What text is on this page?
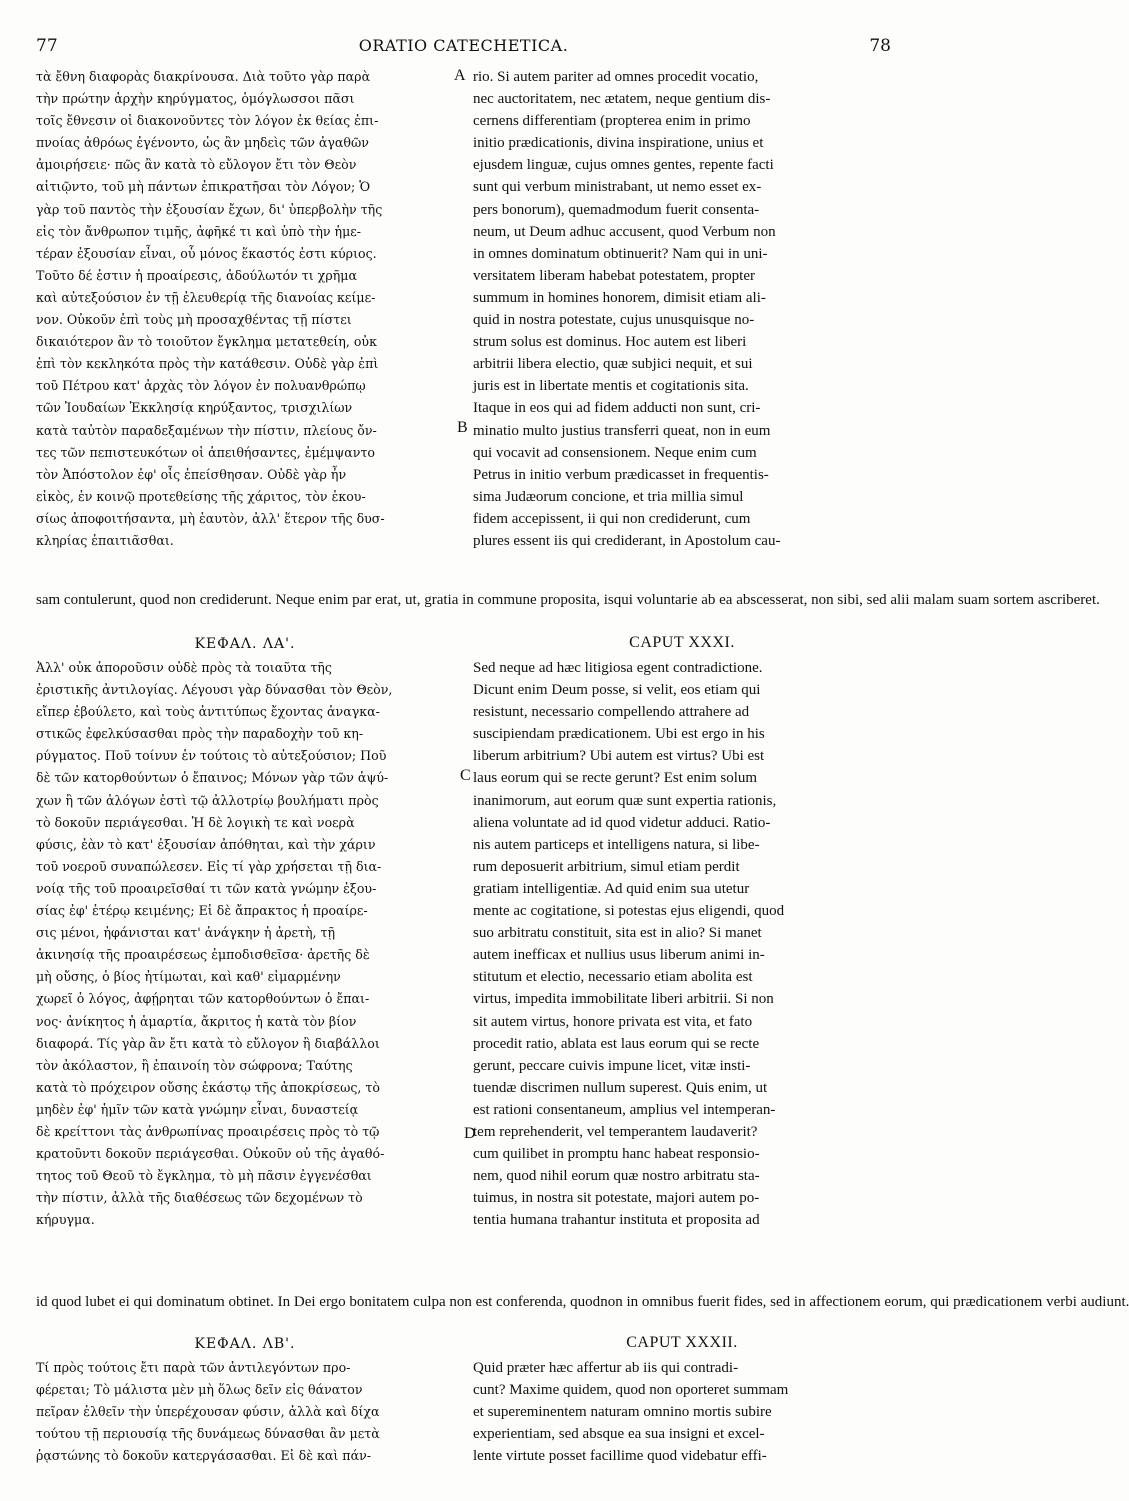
77	ORATIO CATECHETICA.	78
τὰ ἔθνη διαφορὰς διακρίνουσα. Διὰ τοῦτο γὰρ παρὰ
τὴν πρώτην ἀρχὴν κηρύγματος, ὁμόγλωσσοι πᾶσι
τοῖς ἔθνεσιν οἱ διακονοῦντες τὸν λόγον ἐκ θείας ἐπι-
πνοίας ἀθρόως ἐγένοντο, ὡς ἂν μηδεὶς τῶν ἀγαθῶν
ἀμοιρήσειε· πῶς ἂν κατὰ τὸ εὔλογον ἔτι τὸν Θεὸν
αἰτιῷντο, τοῦ μὴ πάντων ἐπικρατῆσαι τὸν Λόγον; Ὁ
γὰρ τοῦ παντὸς τὴν ἐξουσίαν ἔχων, δι' ὑπερβολὴν τῆς
εἰς τὸν ἄνθρωπον τιμῆς, ἀφῆκέ τι καὶ ὑπὸ τὴν ἡμε-
τέραν ἐξουσίαν εἶναι, οὗ μόνος ἕκαστός ἐστι κύριος.
Τοῦτο δέ ἐστιν ἡ προαίρεσις, ἀδούλωτόν τι χρῆμα
καὶ αὐτεξούσιον ἐν τῇ ἐλευθερίᾳ τῆς διανοίας κείμε-
νον. Οὐκοῦν ἐπὶ τοὺς μὴ προσαχθέντας τῇ πίστει
δικαιότερον ἂν τὸ τοιοῦτον ἔγκλημα μετατεθείη, οὐκ
ἐπὶ τὸν κεκληκότα πρὸς τὴν κατάθεσιν. Οὐδὲ γὰρ ἐπὶ
τοῦ Πέτρου κατ' ἀρχὰς τὸν λόγον ἐν πολυανθρώπῳ
τῶν Ἰουδαίων Ἐκκλησίᾳ κηρύξαντος, τρισχιλίων
κατὰ ταὐτὸν παραδεξαμένων τὴν πίστιν, πλείους ὄν-
τες τῶν πεπιστευκότων οἱ ἀπειθήσαντες, ἐμέμψαντο
τὸν Ἀπόστολον ἐφ' οἷς ἐπείσθησαν. Οὐδὲ γὰρ ἦν
εἰκὸς, ἐν κοινῷ προτεθείσης τῆς χάριτος, τὸν ἑκου-
σίως ἀποφοιτήσαντα, μὴ ἑαυτὸν, ἀλλ' ἕτερον τῆς δυσ-
κληρίας ἐπαιτιᾶσθαι.
rio. Si autem pariter ad omnes procedit vocatio,
nec auctoritatem, nec ætatem, neque gentium dis-
cernens differentiam (propterea enim in primo
initio prædicationis, divina inspiratione, unius et
ejusdem linguæ, cujus omnes gentes, repente facti
sunt qui verbum ministrabant, ut nemo esset ex-
pers bonorum), quemadmodum fuerit consenta-
neum, ut Deum adhuc accusent, quod Verbum non
in omnes dominatum obtinuerit? Nam qui in uni-
versitatem liberam habebat potestatem, propter
summum in homines honorem, dimisit etiam ali-
quid in nostra potestate, cujus unusquisque no-
strum solus est dominus. Hoc autem est liberi
arbitrii libera electio, quæ subjici nequit, et sui
juris est in libertate mentis et cogitationis sita.
Itaque in eos qui ad fidem adducti non sunt, cri-
minatio multo justius transferri queat, non in eum
qui vocavit ad consensionem. Neque enim cum
Petrus in initio verbum prædicasset in frequentis-
sima Judæorum concione, et tria millia simul
fidem accepissent, ii qui non crediderunt, cum
plures essent iis qui crediderant, in Apostolum cau-
sam contulerunt, quod non crediderunt. Neque enim par erat, ut, gratia in commune proposita, isqui voluntarie ab ea abscesserat, non sibi, sed alii malam suam sortem ascriberet.
ΚΕΦΑΛ. ΛΑ'.	CAPUT XXXI.
Ἀλλ' οὐκ ἀποροῦσιν οὐδὲ πρὸς τὰ τοιαῦτα τῆς
ἐριστικῆς ἀντιλογίας. Λέγουσι γὰρ δύνασθαι τὸν Θεὸν,
εἴπερ ἐβούλετο, καὶ τοὺς ἀντιτύπως ἔχοντας ἀναγκα-
στικῶς ἐφελκύσασθαι πρὸς τὴν παραδοχὴν τοῦ κη-
ρύγματος. Ποῦ τοίνυν ἐν τούτοις τὸ αὐτεξούσιον; Ποῦ
δὲ τῶν κατορθούντων ὁ ἔπαινος; Μόνων γὰρ τῶν ἀψύ-
χων ἢ τῶν ἀλόγων ἐστὶ τῷ ἀλλοτρίῳ βουλήματι πρὸς
τὸ δοκοῦν περιάγεσθαι. Ἡ δὲ λογικὴ τε καὶ νοερὰ
φύσις, ἐὰν τὸ κατ' ἐξουσίαν ἀπόθηται, καὶ τὴν χάριν
τοῦ νοεροῦ συναπώλεσεν. Εἰς τί γὰρ χρήσεται τῇ δια-
νοίᾳ τῆς τοῦ προαιρεῖσθαί τι τῶν κατὰ γνώμην ἐξου-
σίας ἐφ' ἑτέρῳ κειμένης; Εἰ δὲ ἄπρακτος ἡ προαίρε-
σις μένοι, ἠφάνισται κατ' ἀνάγκην ἡ ἀρετὴ, τῇ
ἀκινησίᾳ τῆς προαιρέσεως ἐμποδισθεῖσα· ἀρετῆς δὲ
μὴ οὔσης, ὁ βίος ἠτίμωται, καὶ καθ' εἱμαρμένην
χωρεῖ ὁ λόγος, ἀφῄρηται τῶν κατορθούντων ὁ ἔπαι-
νος· ἀνίκητος ἡ ἁμαρτία, ἄκριτος ἡ κατὰ τὸν βίον
διαφορά. Τίς γὰρ ἂν ἔτι κατὰ τὸ εὔλογον ἢ διαβάλλοι
τὸν ἀκόλαστον, ἢ ἐπαινοίη τὸν σώφρονα; Ταύτης
κατὰ τὸ πρόχειρον οὔσης ἑκάστῳ τῆς ἀποκρίσεως, τὸ
μηδὲν ἐφ' ἡμῖν τῶν κατὰ γνώμην εἶναι, δυναστείᾳ
δὲ κρείττονι τὰς ἀνθρωπίνας προαιρέσεις πρὸς τὸ τῷ
κρατοῦντι δοκοῦν περιάγεσθαι. Οὐκοῦν οὐ τῆς ἀγαθό-
τητος τοῦ Θεοῦ τὸ ἔγκλημα, τὸ μὴ πᾶσιν ἐγγενέσθαι
τὴν πίστιν, ἀλλὰ τῆς διαθέσεως τῶν δεχομένων τὸ
κήρυγμα.
Sed neque ad hæc litigiosa egent contradictione.
Dicunt enim Deum posse, si velit, eos etiam qui
resistunt, necessario compellendo attrahere ad
suscipiendam prædicationem. Ubi est ergo in his
liberum arbitrium? Ubi autem est virtus? Ubi est
laus eorum qui se recte gerunt? Est enim solum
inanimorum, aut eorum quæ sunt expertia rationis,
aliena voluntate ad id quod videtur adduci. Ratio-
nis autem particeps et intelligens natura, si libe-
rum deposuerit arbitrium, simul etiam perdit
gratiam intelligentiæ. Ad quid enim sua utetur
mente ac cogitatione, si potestas ejus eligendi, quod
suo arbitratu constituit, sita est in alio? Si manet
autem inefficax et nullius usus liberum animi in-
stitutum et electio, necessario etiam abolita est
virtus, impedita immobilitate liberi arbitrii. Si non
sit autem virtus, honore privata est vita, et fato
procedit ratio, ablata est laus eorum qui se recte
gerunt, peccare cuivis impune licet, vitæ insti-
tuendæ discrimen nullum superest. Quis enim, ut
est rationi consentaneum, amplius vel intemperan-
tem reprehenderit, vel temperantem laudaverit?
cum quilibet in promptu hanc habeat responsio-
nem, quod nihil eorum quæ nostro arbitratu sta-
tuimus, in nostra sit potestate, majori autem po-
tentia humana trahantur instituta et proposita ad
id quod lubet ei qui dominatum obtinet. In Dei ergo bonitatem culpa non est conferenda, quodnon in omnibus fuerit fides, sed in affectionem eorum, qui prædicationem verbi audiunt.
ΚΕΦΑΛ. ΛΒ'.	CAPUT XXXII.
Τί πρὸς τούτοις ἔτι παρὰ τῶν ἀντιλεγόντων προ-
φέρεται; Τὸ μάλιστα μὲν μὴ ὅλως δεῖν εἰς θάνατον
πεῖραν ἐλθεῖν τὴν ὑπερέχουσαν φύσιν, ἀλλὰ καὶ δίχα
τούτου τῇ περιουσίᾳ τῆς δυνάμεως δύνασθαι ἂν μετὰ
ῥᾳστώνης τὸ δοκοῦν κατεργάσασθαι. Εἰ δὲ καὶ πάν-
Quid præter hæc affertur ab iis qui contradi-
cunt? Maxime quidem, quod non oporteret summam
et supereminentem naturam omnino mortis subire
experientiam, sed absque ea sua insigni et excel-
lente virtute posset facillime quod videbatur effi-
A
B
C
D
